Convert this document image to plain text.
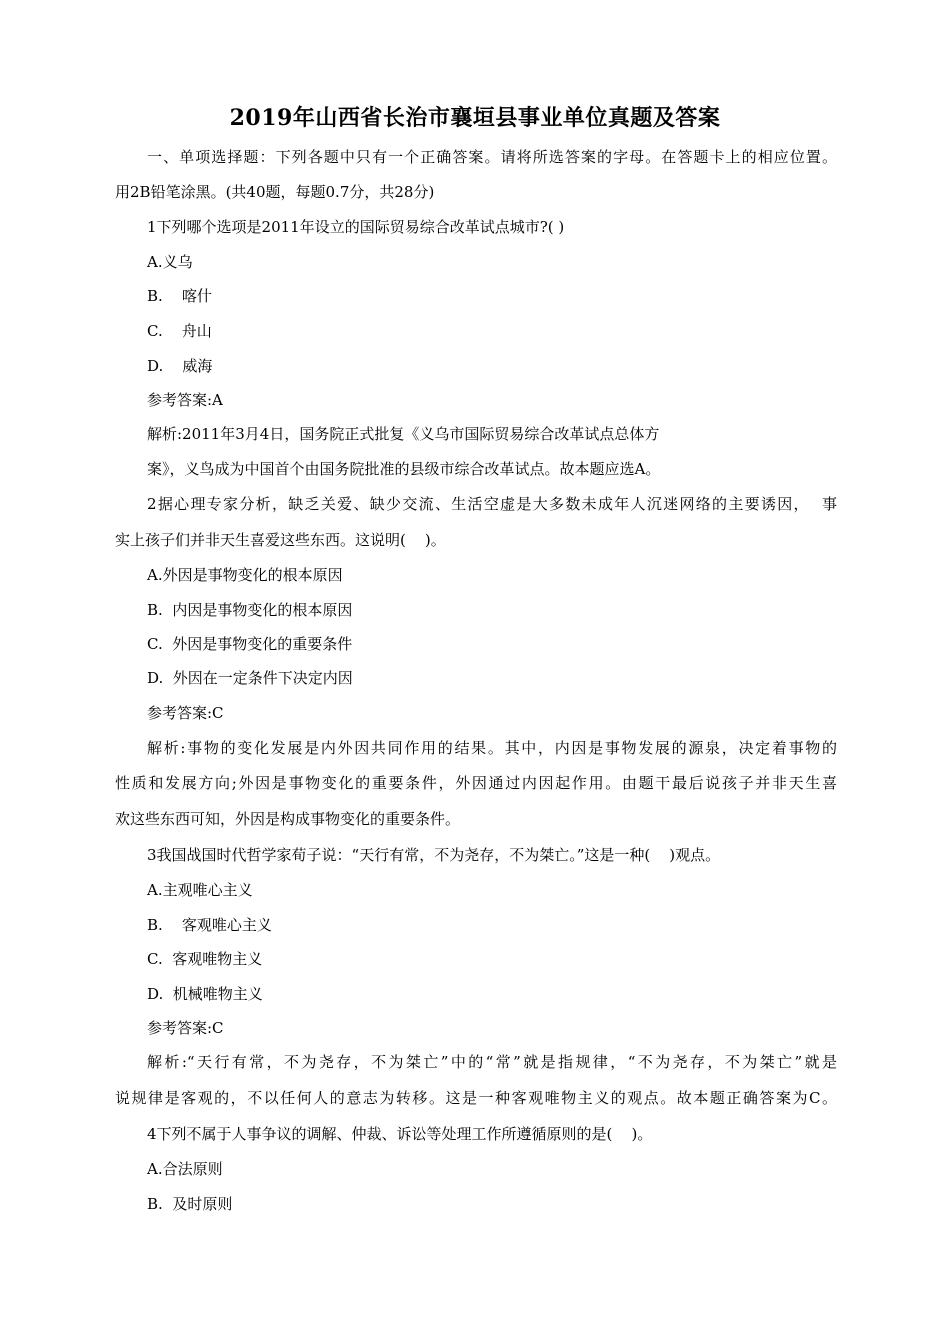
2019年山西省长治市襄垣县事业单位真题及答案
一、单项选择题：下列各题中只有一个正确答案。请将所选答案的字母。在答题卡上的相应位置。
用2B铅笔涂黑。(共40题，每题0.7分，共28分)
1下列哪个选项是2011年设立的国际贸易综合改革试点城市?( )
A.义乌
B.    喀什
C.    舟山
D.    威海
参考答案:A
解析:2011年3月4日，国务院正式批复《义乌市国际贸易综合改革试点总体方
案》，义鸟成为中国首个由国务院批准的县级市综合改革试点。故本题应选A。
2据心理专家分析，缺乏关爱、缺少交流、生活空虚是大多数未成年人沉迷网络的主要诱因，  事
实上孩子们并非天生喜爱这些东西。这说明(    )。
A.外因是事物变化的根本原因
B.  内因是事物变化的根本原因
C.  外因是事物变化的重要条件
D.  外因在一定条件下决定内因
参考答案:C
解析:事物的变化发展是内外因共同作用的结果。其中，内因是事物发展的源泉，决定着事物的
性质和发展方向;外因是事物变化的重要条件，外因通过内因起作用。由题干最后说孩子并非天生喜
欢这些东西可知，外因是构成事物变化的重要条件。
3我国战国时代哲学家荀子说：“天行有常，不为尧存，不为桀亡。”这是一种(    )观点。
A.主观唯心主义
B.    客观唯心主义
C.  客观唯物主义
D.  机械唯物主义
参考答案:C
解析:“天行有常，不为尧存，不为桀亡”中的“常”就是指规律，“不为尧存，不为桀亡”就是
说规律是客观的，不以任何人的意志为转移。这是一种客观唯物主义的观点。故本题正确答案为C。
4下列不属于人事争议的调解、仲裁、诉讼等处理工作所遵循原则的是(    )。
A.合法原则
B.  及时原则
